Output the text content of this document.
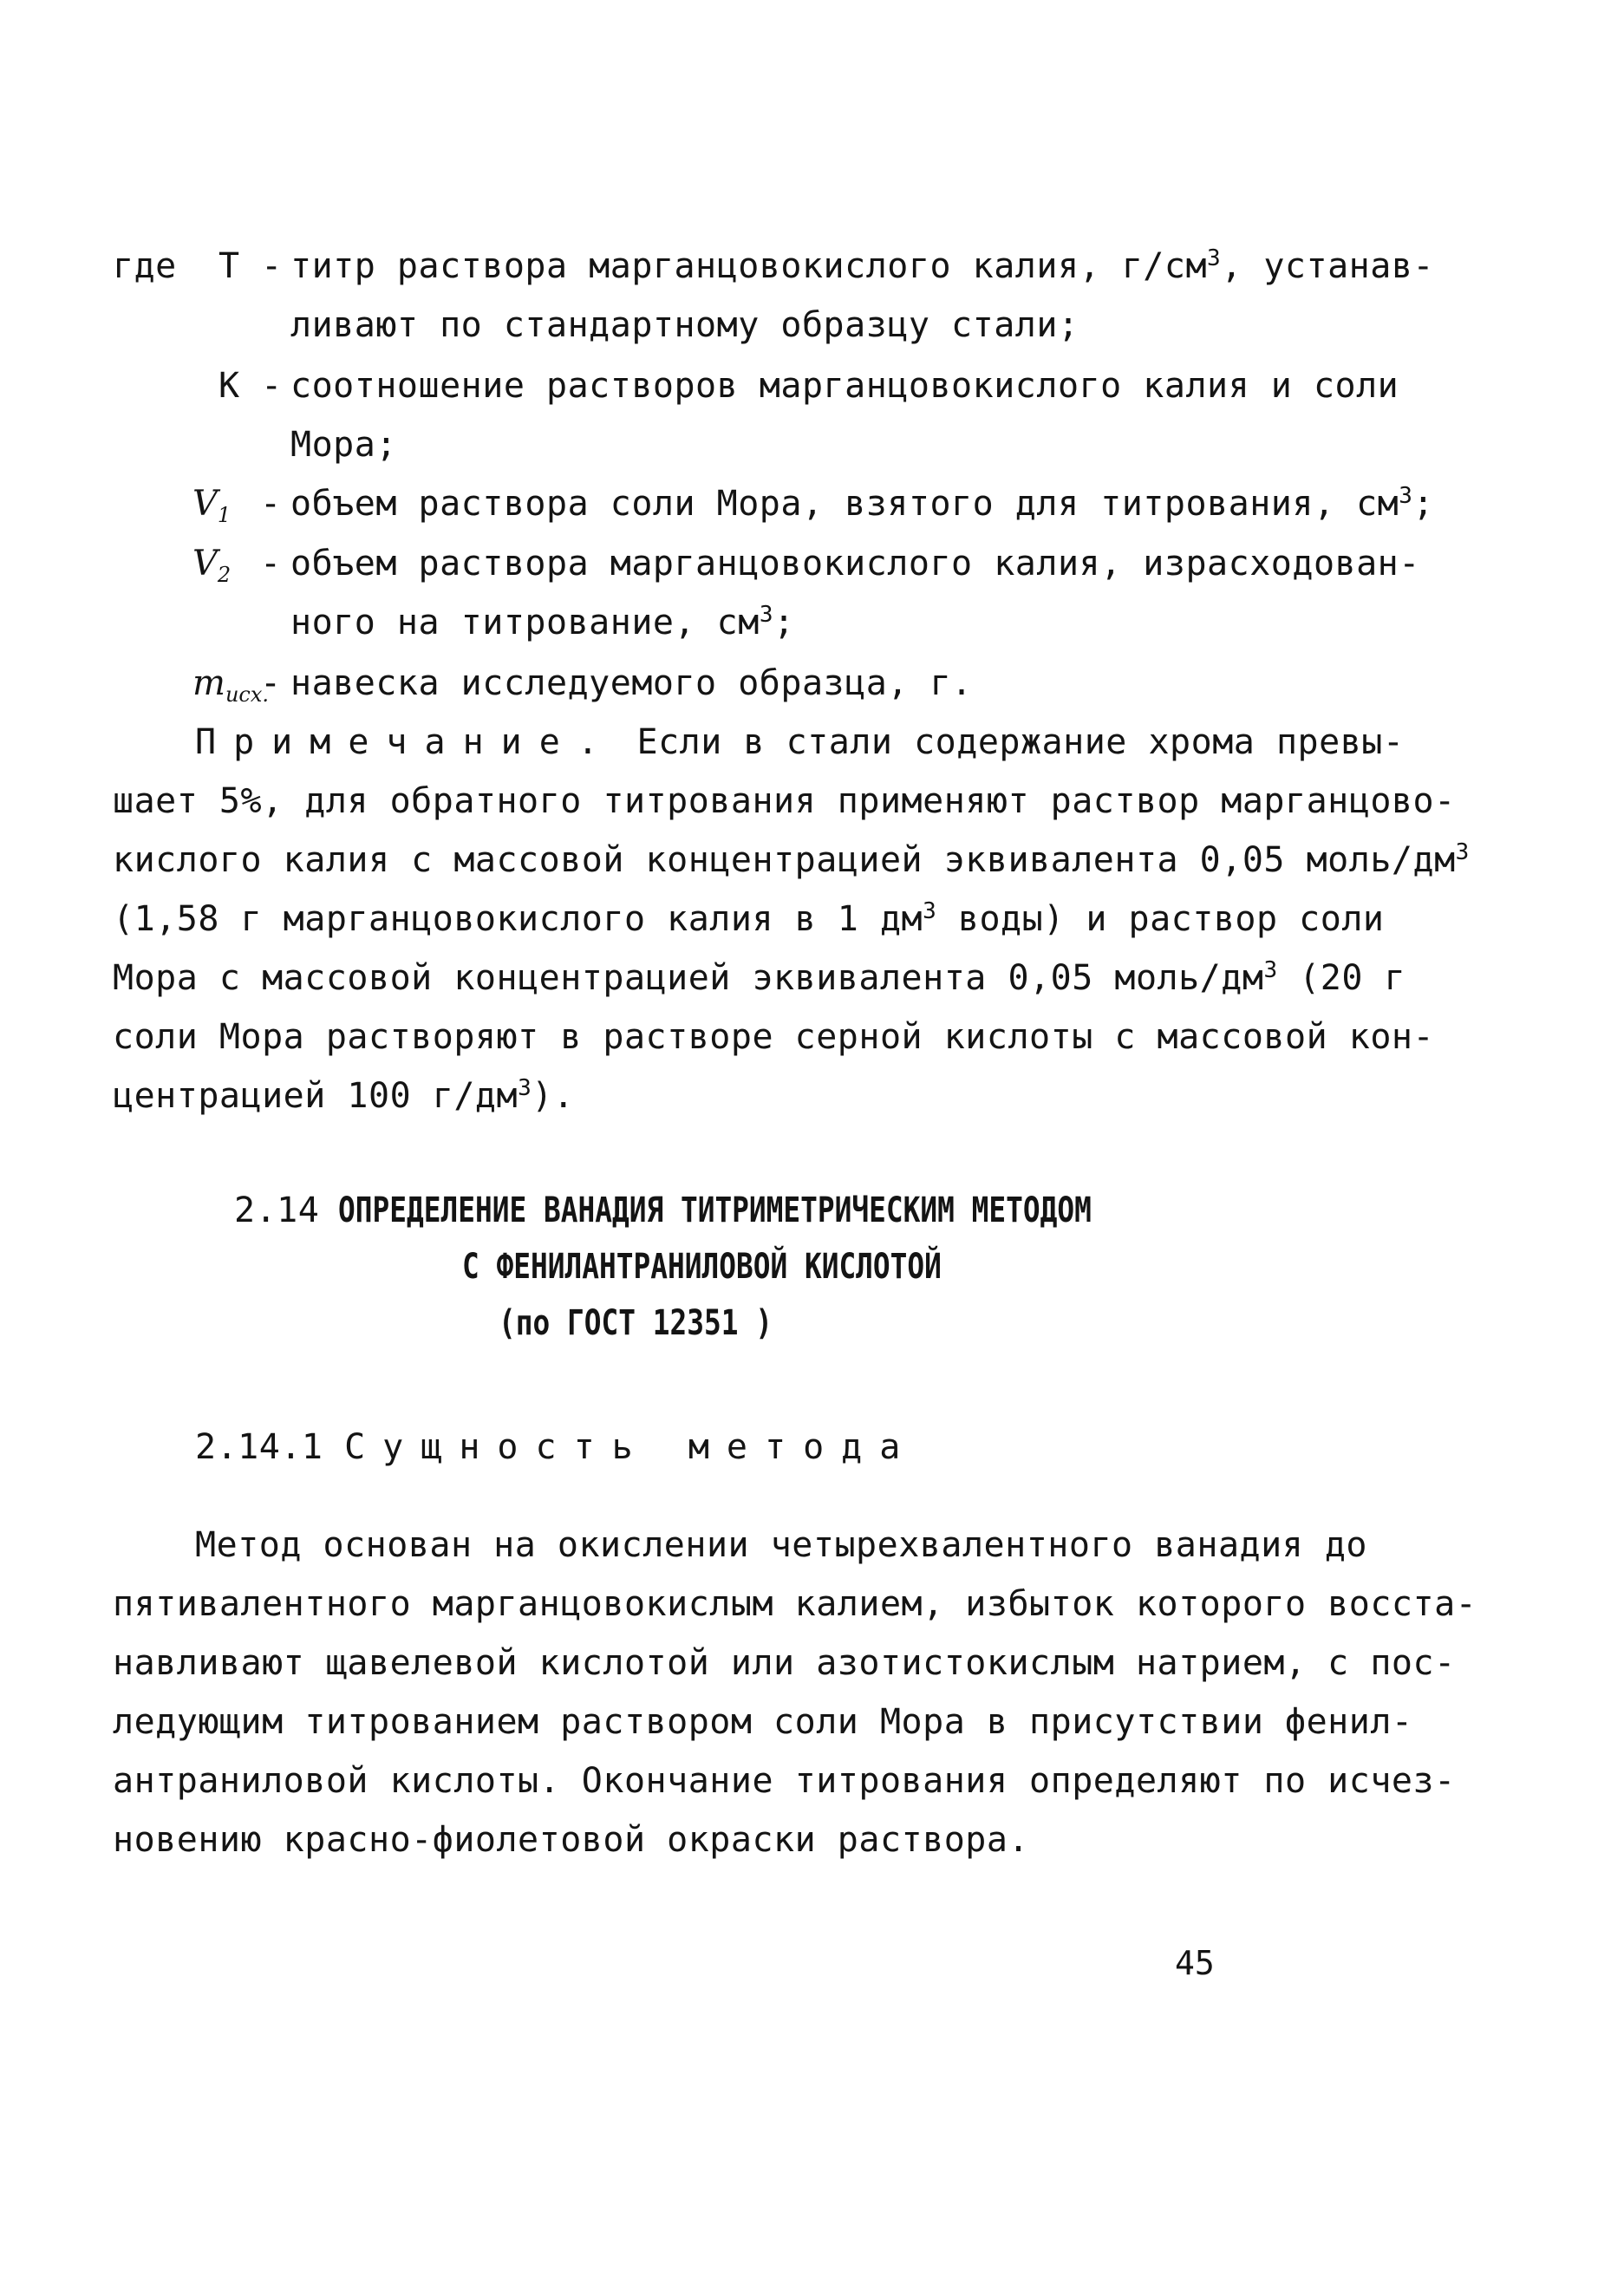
где Т - титр раствора марганцовокислого калия, $г/см^3$, устанав-
ливают по стандартному образцу стали;
К - соотношение растворов марганцовокислого калия и соли
Мора;
$V_1$ - объем раствора соли Мора, взятого для титрования, $см^3$;
$V_2$ - объем раствора марганцовокислого калия, израсходован-
ного на титрование, $см^3$;
$m_{исх.}$
- навеска исследуемого образца, г.
Примечание. Если в стали содержание хрома превы-
шает 5%, для обратного титрования применяют раствор марганцово-
кислого калия с массовой концентрацией эквивалента 0,05 моль/$дм^3$
(1,58 г марганцовокислого калия в 1 $дм^3$ воды) и раствор соли
Мора с массовой концентрацией эквивалента 0,05 моль/$дм^3$ (20 г
соли Мора растворяют в растворе серной кислоты с массовой кон-
центрацией 100 $г/дм^3$).
2.14 ОПРЕДЕЛЕНИЕ ВАНАДИЯ ТИТРИМЕТРИЧЕСКИМ МЕТОДОМ
С ФЕНИЛАНТРАНИЛОВОЙ КИСЛОТОЙ
(по ГОСТ 12351 )
2.14.1 Сущность метода
Метод основан на окислении четырехвалентного ванадия до
пятивалентного марганцовокислым калием, избыток которого восста-
навливают щавелевой кислотой или азотистокислым натрием, с пос-
ледующим титрованием раствором соли Мора в присутствии фенил-
антраниловой кислоты. Окончание титрования определяют по исчез-
новению красно-фиолетовой окраски раствора.
45
